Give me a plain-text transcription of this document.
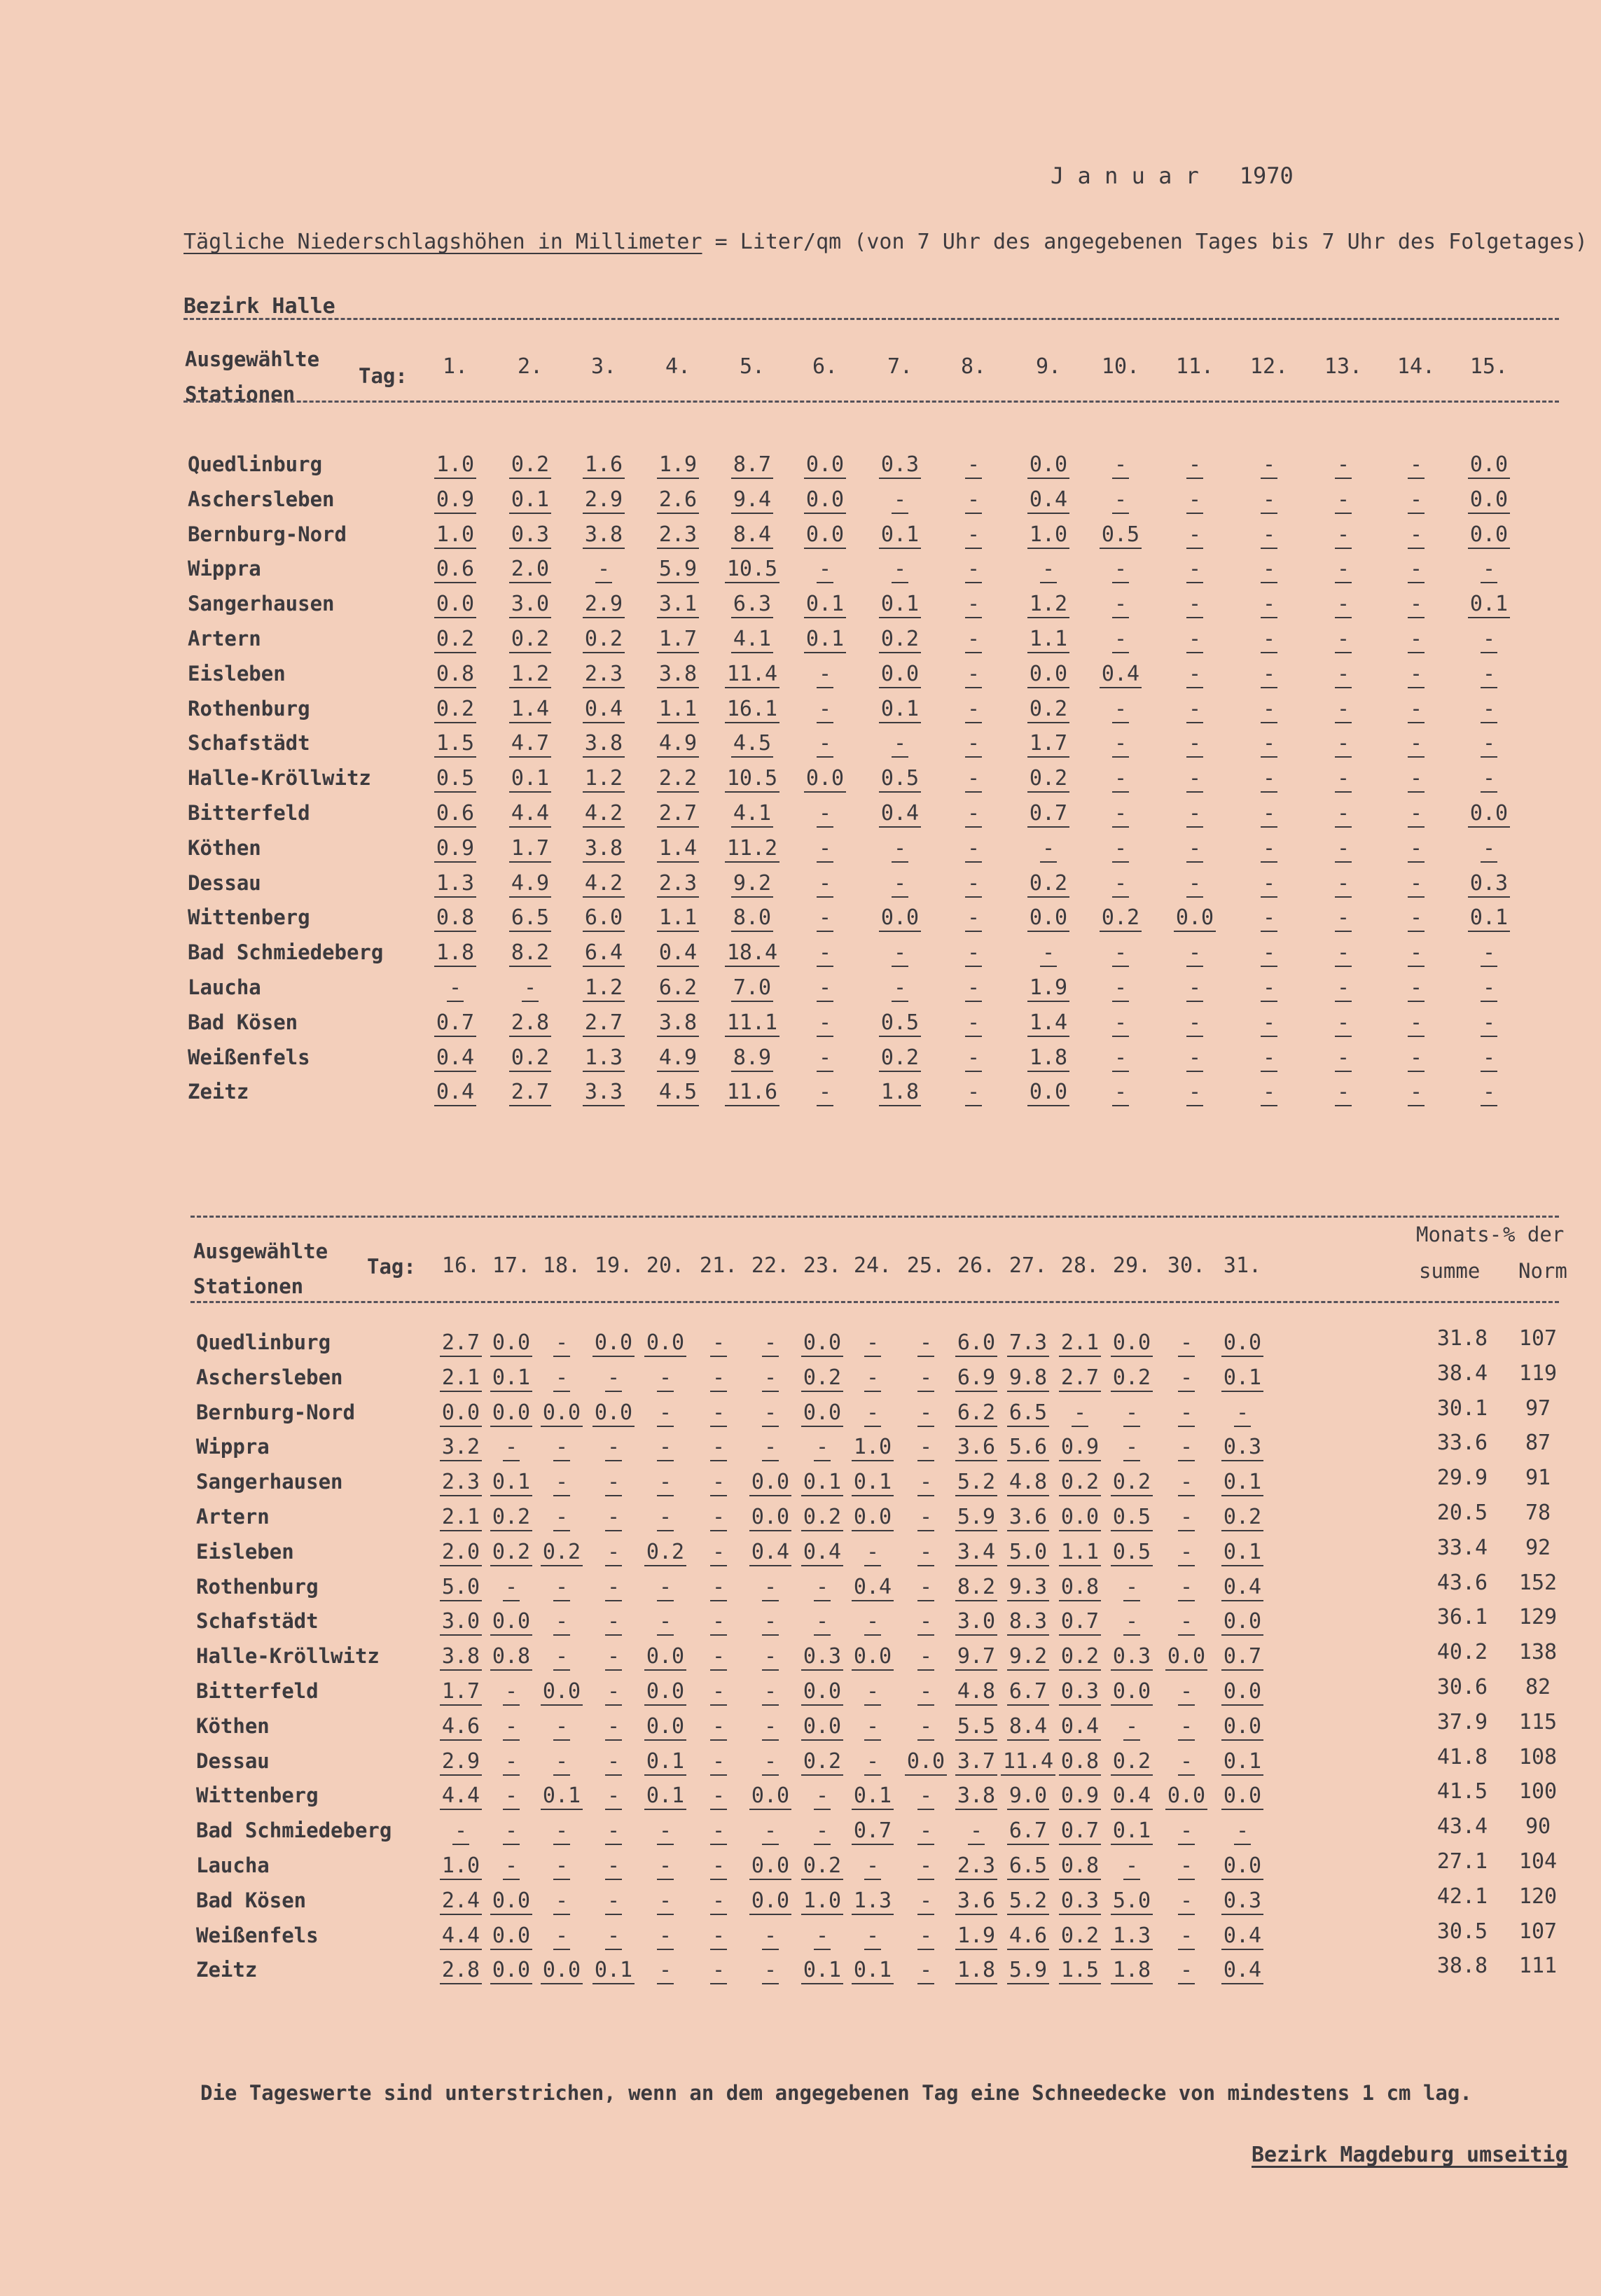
J a n u a r   1970
Tägliche Niederschlagshöhen in Millimeter = Liter/qm (von 7 Uhr des angegebenen Tages bis 7 Uhr des Folgetages)
Bezirk Halle
Ausgewählte
Stationen
Tag:	1.	2.	3.	4.	5.	6.	7.	8.	9.	10.	11.	12.	13.	14.	15.
Quedlinburg	1.0	0.2	1.6	1.9	8.7	0.0	0.3	-	0.0	-	-	-	-	-	0.0
Aschersleben	0.9	0.1	2.9	2.6	9.4	0.0	-	-	0.4	-	-	-	-	-	0.0
Bernburg-Nord	1.0	0.3	3.8	2.3	8.4	0.0	0.1	-	1.0	0.5	-	-	-	-	0.0
Wippra	0.6	2.0	-	5.9	10.5	-	-	-	-	-	-	-	-	-	-
Sangerhausen	0.0	3.0	2.9	3.1	6.3	0.1	0.1	-	1.2	-	-	-	-	-	0.1
Artern	0.2	0.2	0.2	1.7	4.1	0.1	0.2	-	1.1	-	-	-	-	-	-
Eisleben	0.8	1.2	2.3	3.8	11.4	-	0.0	-	0.0	0.4	-	-	-	-	-
Rothenburg	0.2	1.4	0.4	1.1	16.1	-	0.1	-	0.2	-	-	-	-	-	-
Schafstädt	1.5	4.7	3.8	4.9	4.5	-	-	-	1.7	-	-	-	-	-	-
Halle-Kröllwitz	0.5	0.1	1.2	2.2	10.5	0.0	0.5	-	0.2	-	-	-	-	-	-
Bitterfeld	0.6	4.4	4.2	2.7	4.1	-	0.4	-	0.7	-	-	-	-	-	0.0
Köthen	0.9	1.7	3.8	1.4	11.2	-	-	-	-	-	-	-	-	-	-
Dessau	1.3	4.9	4.2	2.3	9.2	-	-	-	0.2	-	-	-	-	-	0.3
Wittenberg	0.8	6.5	6.0	1.1	8.0	-	0.0	-	0.0	0.2	0.0	-	-	-	0.1
Bad Schmiedeberg	1.8	8.2	6.4	0.4	18.4	-	-	-	-	-	-	-	-	-	-
Laucha	-	-	1.2	6.2	7.0	-	-	-	1.9	-	-	-	-	-	-
Bad Kösen	0.7	2.8	2.7	3.8	11.1	-	0.5	-	1.4	-	-	-	-	-	-
Weißenfels	0.4	0.2	1.3	4.9	8.9	-	0.2	-	1.8	-	-	-	-	-	-
Zeitz	0.4	2.7	3.3	4.5	11.6	-	1.8	-	0.0	-	-	-	-	-	-
Ausgewählte
Stationen
Tag:	16. 17. 18. 19. 20. 21. 22. 23. 24. 25. 26. 27. 28. 29. 30. 31.
Monats-
summe
% der
Norm
Quedlinburg	2.7 0.0	-	0.0 0.0	-	-	0.0	-	-	6.0 7.3 2.1 0.0	-	0.0	31.8	107
Aschersleben	2.1 0.1	-	-	-	-	-	0.2	-	-	6.9 9.8 2.7 0.2	-	0.1	38.4	119
Bernburg-Nord	0.0 0.0 0.0 0.0	-	-	-	0.0	-	-	6.2 6.5	-	-	-	-	30.1	97
Wippra	3.2	-	-	-	-	-	-	-	1.0	-	3.6 5.6 0.9	-	-	0.3	33.6	87
Sangerhausen	2.3 0.1	-	-	-	-	0.0 0.1 0.1	-	5.2 4.8 0.2 0.2	-	0.1	29.9	91
Artern	2.1 0.2	-	-	-	-	0.0 0.2 0.0	-	5.9 3.6 0.0 0.5	-	0.2	20.5	78
Eisleben	2.0 0.2 0.2	-	0.2	-	0.4 0.4	-	-	3.4 5.0 1.1 0.5	-	0.1	33.4	92
Rothenburg	5.0	-	-	-	-	-	-	-	0.4	-	8.2 9.3 0.8	-	-	0.4	43.6	152
Schafstädt	3.0 0.0	-	-	-	-	-	-	-	-	3.0 8.3 0.7	-	-	0.0	36.1	129
Halle-Kröllwitz	3.8 0.8	-	-	0.0	-	-	0.3 0.0	-	9.7 9.2 0.2 0.3 0.0 0.7	40.2	138
Bitterfeld	1.7	-	0.0	-	0.0	-	-	0.0	-	-	4.8 6.7 0.3 0.0	-	0.0	30.6	82
Köthen	4.6	-	-	-	0.0	-	-	0.0	-	-	5.5 8.4 0.4	-	-	0.0	37.9	115
Dessau	2.9	-	-	-	0.1	-	-	0.2	-	0.0 3.7 11.4 0.8 0.2	-	0.1	41.8	108
Wittenberg	4.4	-	0.1	-	0.1	-	0.0	-	0.1	-	3.8 9.0 0.9 0.4 0.0 0.0	41.5	100
Bad Schmiedeberg	-	-	-	-	-	-	-	-	0.7	-	-	6.7 0.7 0.1	-	-	43.4	90
Laucha	1.0	-	-	-	-	-	0.0 0.2	-	-	2.3 6.5 0.8	-	-	0.0	27.1	104
Bad Kösen	2.4 0.0	-	-	-	-	0.0 1.0 1.3	-	3.6 5.2 0.3 5.0	-	0.3	42.1	120
Weißenfels	4.4 0.0	-	-	-	-	-	-	-	-	1.9 4.6 0.2 1.3	-	0.4	30.5	107
Zeitz	2.8 0.0 0.0 0.1	-	-	-	0.1 0.1	-	1.8 5.9 1.5 1.8	-	0.4	38.8	111
Die Tageswerte sind unterstrichen, wenn an dem angegebenen Tag eine Schneedecke von mindestens 1 cm lag.
Bezirk Magdeburg umseitig
